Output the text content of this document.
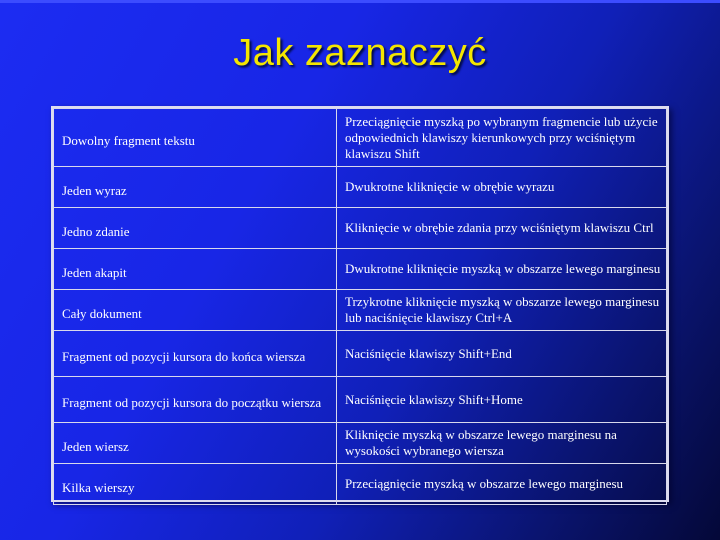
Jak zaznaczyć
Dowolny fragment tekstu	Przeciągnięcie myszką po wybranym fragmencie lub użycie odpowiednich klawiszy kierunkowych przy wciśniętym klawiszu Shift
Jeden wyraz	Dwukrotne kliknięcie w obrębie wyrazu
Jedno zdanie	Kliknięcie w obrębie zdania przy wciśniętym klawiszu Ctrl
Jeden akapit	Dwukrotne kliknięcie myszką w obszarze lewego marginesu
Cały dokument	Trzykrotne kliknięcie myszką w obszarze lewego marginesu lub naciśnięcie klawiszy Ctrl+A
Fragment od pozycji kursora do końca wiersza	Naciśnięcie klawiszy Shift+End
Fragment od pozycji kursora do początku wiersza	Naciśnięcie klawiszy Shift+Home
Jeden wiersz	Kliknięcie myszką w obszarze lewego marginesu na wysokości wybranego wiersza
Kilka wierszy	Przeciągnięcie myszką w obszarze lewego marginesu
